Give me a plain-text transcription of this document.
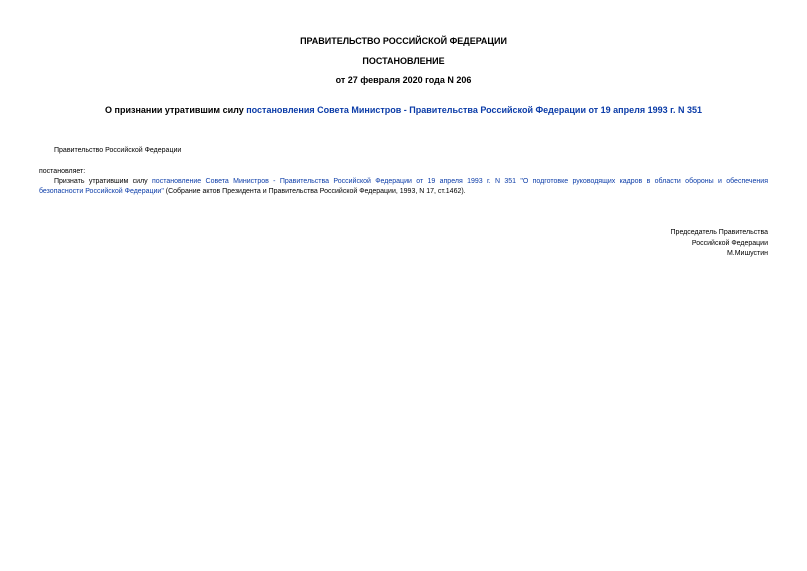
ПРАВИТЕЛЬСТВО РОССИЙСКОЙ ФЕДЕРАЦИИ
ПОСТАНОВЛЕНИЕ
от 27 февраля 2020 года N 206
О признании утратившим силу постановления Совета Министров - Правительства Российской Федерации от 19 апреля 1993 г. N 351
Правительство Российской Федерации
постановляет:
Признать утратившим силу постановление Совета Министров - Правительства Российской Федерации от 19 апреля 1993 г. N 351 "О подготовке руководящих кадров в области обороны и обеспечения
безопасности Российской Федерации" (Собрание актов Президента и Правительства Российской Федерации, 1993, N 17, ст.1462).
Председатель Правительства
Российской Федерации
М.Мишустин
